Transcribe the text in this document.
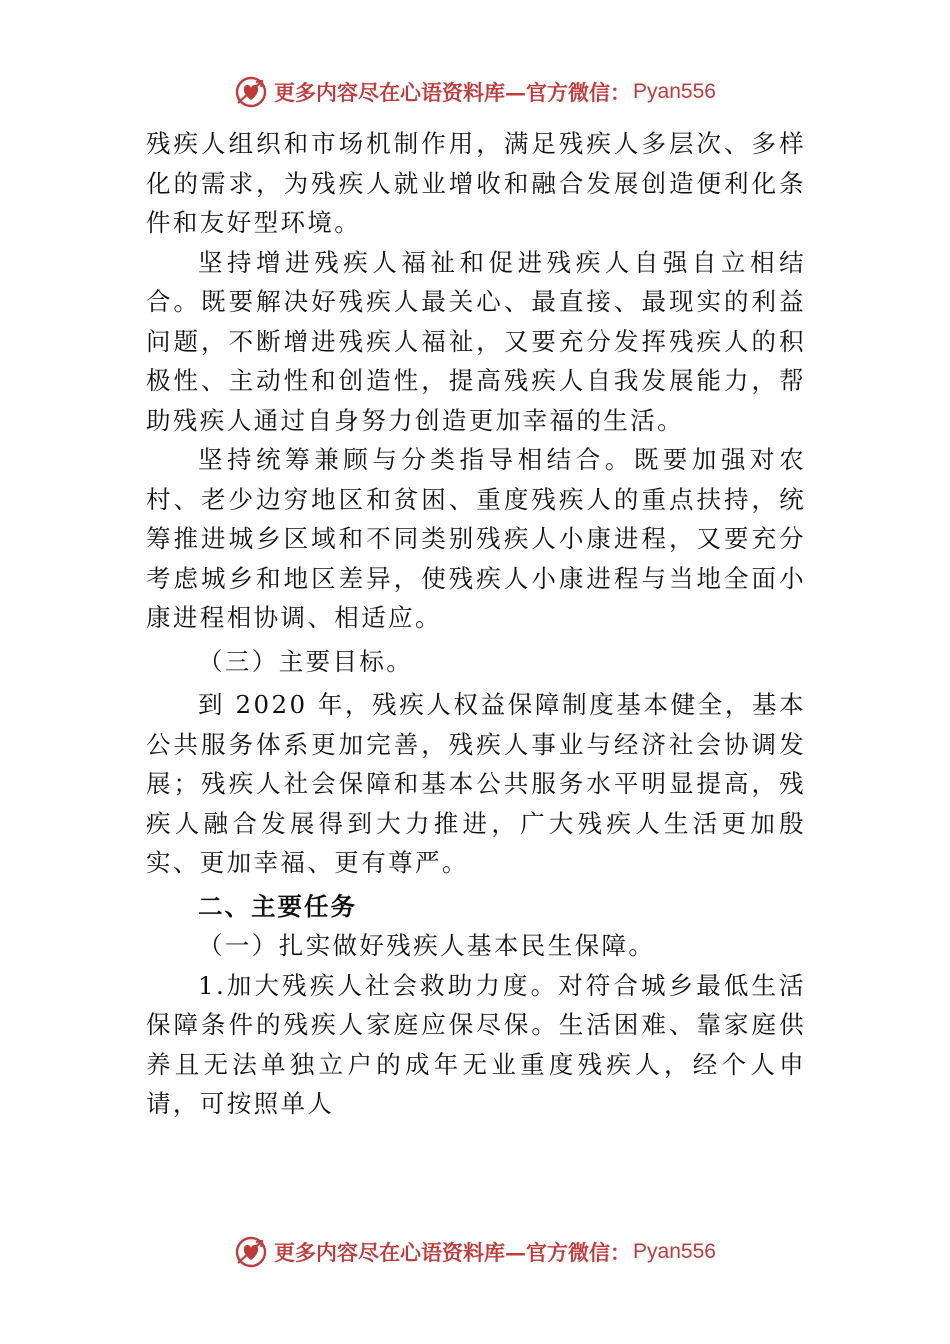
更多内容尽在心语资料库—官方微信： Pyan556

残疾人组织和市场机制作用，满足残疾人多层次、多样化的需求，为残疾人就业增收和融合发展创造便利化条件和友好型环境。

坚持增进残疾人福祉和促进残疾人自强自立相结合。既要解决好残疾人最关心、最直接、最现实的利益问题，不断增进残疾人福祉，又要充分发挥残疾人的积极性、主动性和创造性，提高残疾人自我发展能力，帮助残疾人通过自身努力创造更加幸福的生活。

坚持统筹兼顾与分类指导相结合。既要加强对农村、老少边穷地区和贫困、重度残疾人的重点扶持，统筹推进城乡区域和不同类别残疾人小康进程，又要充分考虑城乡和地区差异，使残疾人小康进程与当地全面小康进程相协调、相适应。

（三）主要目标。

到 2020 年，残疾人权益保障制度基本健全，基本公共服务体系更加完善，残疾人事业与经济社会协调发展；残疾人社会保障和基本公共服务水平明显提高，残疾人融合发展得到大力推进，广大残疾人生活更加殷实、更加幸福、更有尊严。

二、主要任务

（一）扎实做好残疾人基本民生保障。

1.加大残疾人社会救助力度。对符合城乡最低生活保障条件的残疾人家庭应保尽保。生活困难、靠家庭供养且无法单独立户的成年无业重度残疾人，经个人申请，可按照单人

更多内容尽在心语资料库—官方微信： Pyan556
